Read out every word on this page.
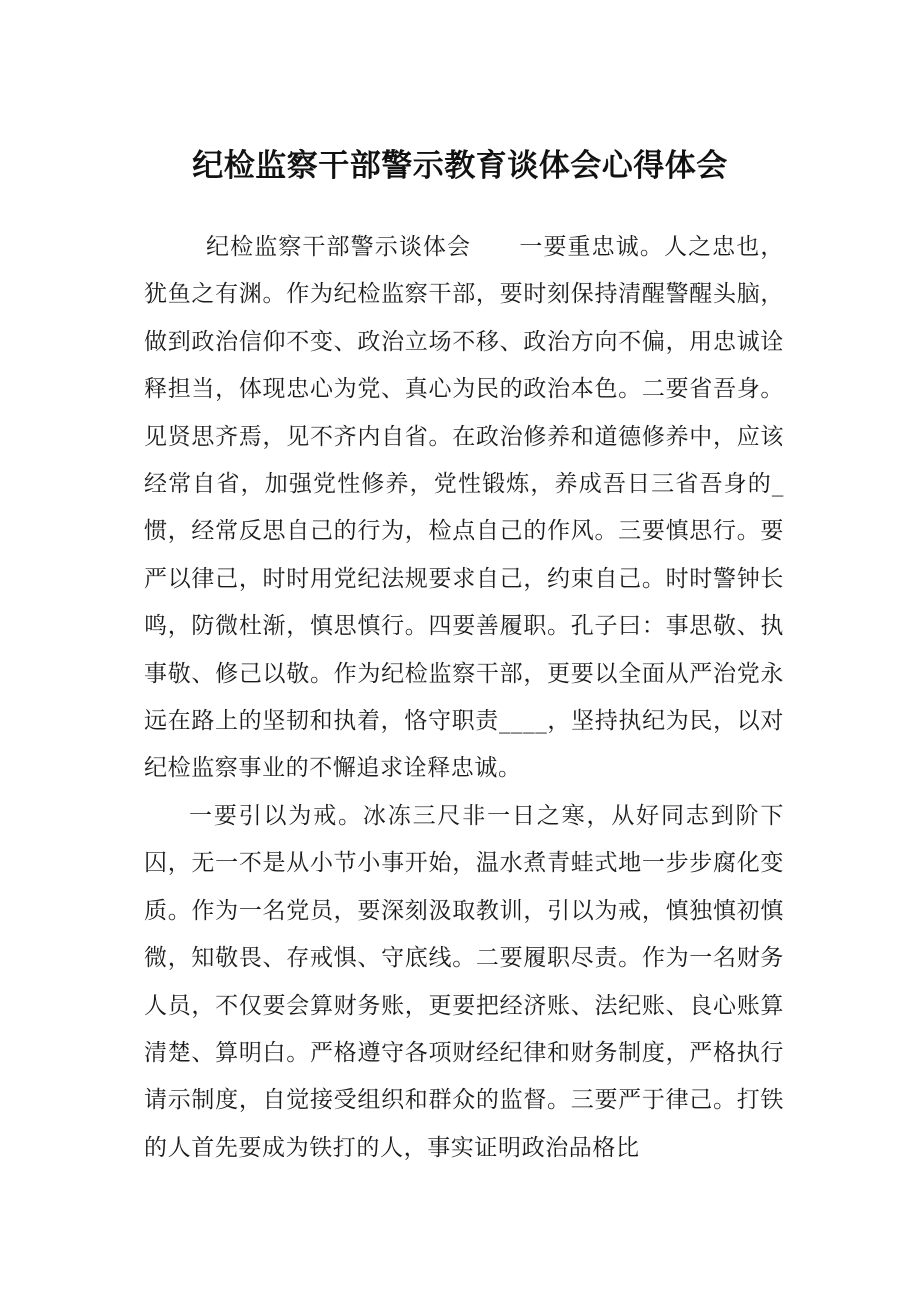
纪检监察干部警示教育谈体会心得体会

纪检监察干部警示谈体会　　一要重忠诚。人之忠也，犹鱼之有渊。作为纪检监察干部，要时刻保持清醒警醒头脑，做到政治信仰不变、政治立场不移、政治方向不偏，用忠诚诠释担当，体现忠心为党、真心为民的政治本色。二要省吾身。见贤思齐焉，见不齐内自省。在政治修养和道德修养中，应该经常自省，加强党性修养，党性锻炼，养成吾日三省吾身的_惯，经常反思自己的行为，检点自己的作风。三要慎思行。要严以律己，时时用党纪法规要求自己，约束自己。时时警钟长鸣，防微杜渐，慎思慎行。四要善履职。孔子曰：事思敬、执事敬、修己以敬。作为纪检监察干部，更要以全面从严治党永远在路上的坚韧和执着，恪守职责____，坚持执纪为民，以对纪检监察事业的不懈追求诠释忠诚。

一要引以为戒。冰冻三尺非一日之寒，从好同志到阶下囚，无一不是从小节小事开始，温水煮青蛙式地一步步腐化变质。作为一名党员，要深刻汲取教训，引以为戒，慎独慎初慎微，知敬畏、存戒惧、守底线。二要履职尽责。作为一名财务人员，不仅要会算财务账，更要把经济账、法纪账、良心账算清楚、算明白。严格遵守各项财经纪律和财务制度，严格执行请示制度，自觉接受组织和群众的监督。三要严于律己。打铁的人首先要成为铁打的人，事实证明政治品格比
